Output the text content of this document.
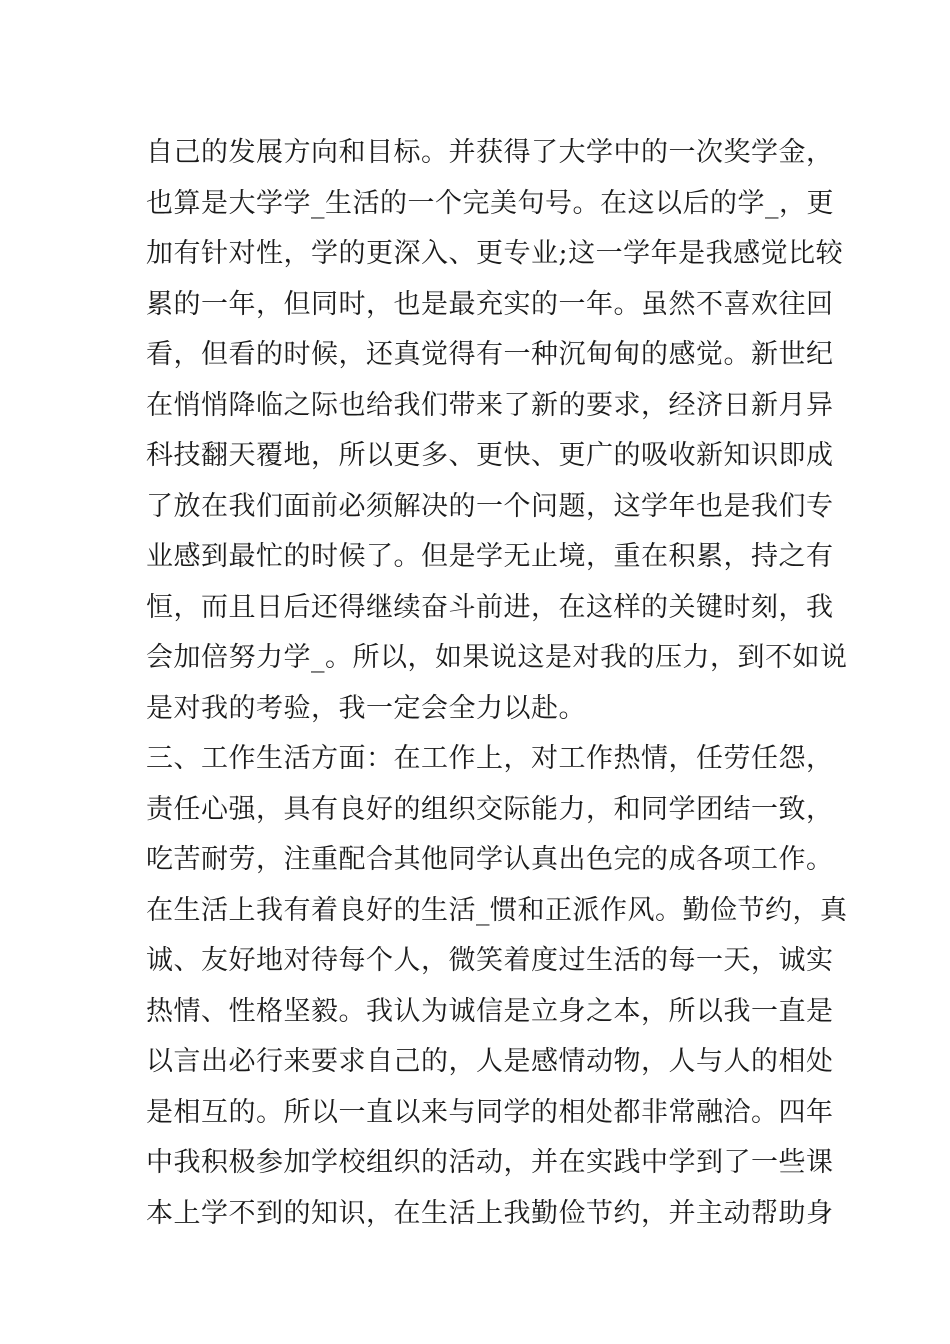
自己的发展方向和目标。并获得了大学中的一次奖学金，
也算是大学学_生活的一个完美句号。在这以后的学_，更
加有针对性，学的更深入、更专业;这一学年是我感觉比较
累的一年，但同时，也是最充实的一年。虽然不喜欢往回
看，但看的时候，还真觉得有一种沉甸甸的感觉。新世纪
在悄悄降临之际也给我们带来了新的要求，经济日新月异
科技翻天覆地，所以更多、更快、更广的吸收新知识即成
了放在我们面前必须解决的一个问题，这学年也是我们专
业感到最忙的时候了。但是学无止境，重在积累，持之有
恒，而且日后还得继续奋斗前进，在这样的关键时刻，我
会加倍努力学_。所以，如果说这是对我的压力，到不如说
是对我的考验，我一定会全力以赴。
三、工作生活方面：在工作上，对工作热情，任劳任怨，
责任心强，具有良好的组织交际能力，和同学团结一致，
吃苦耐劳，注重配合其他同学认真出色完的成各项工作。
在生活上我有着良好的生活_惯和正派作风。勤俭节约，真
诚、友好地对待每个人，微笑着度过生活的每一天，诚实
热情、性格坚毅。我认为诚信是立身之本，所以我一直是
以言出必行来要求自己的，人是感情动物，人与人的相处
是相互的。所以一直以来与同学的相处都非常融洽。四年
中我积极参加学校组织的活动，并在实践中学到了一些课
本上学不到的知识，在生活上我勤俭节约，并主动帮助身
